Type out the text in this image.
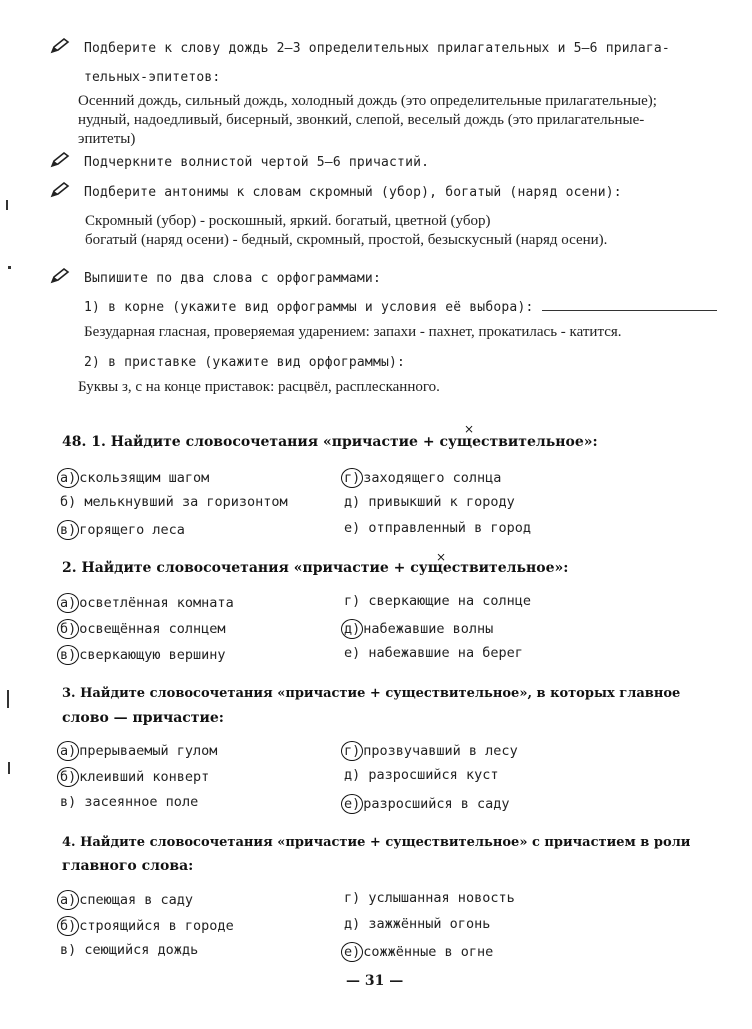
Подберите к слову дождь 2—3 определительных прилагательных и 5—6 прилага-
тельных-эпитетов:
Осенний дождь, сильный дождь, холодный дождь (это определительные прилагательные);
нудный, надоедливый, бисерный, звонкий, слепой, веселый дождь (это прилагательные-
эпитеты)
Подчеркните волнистой чертой 5—6 причастий.
Подберите антонимы к словам скромный (убор), богатый (наряд осени):
Скромный (убор) - роскошный, яркий. богатый, цветной (убор)
богатый (наряд осени) - бедный, скромный, простой, безыскусный (наряд осени).
Выпишите по два слова с орфограммами:
1) в корне (укажите вид орфограммы и условия её выбора):
Безударная гласная, проверяемая ударением: запахи - пахнет, прокатилась - катится.
2) в приставке (укажите вид орфограммы):
Буквы з, с на конце приставок: расцвёл, расплесканного.
×
48. 1. Найдите словосочетания «причастие + существительное»:
а) скользящим шагом
б) мелькнувший за горизонтом
в) горящего леса
г) заходящего солнца
д) привыкший к городу
е) отправленный в город
×
2. Найдите словосочетания «причастие + существительное»:
а) осветлённая комната
б) освещённая солнцем
в) сверкающую вершину
г) сверкающие на солнце
д) набежавшие волны
е) набежавшие на берег
3. Найдите словосочетания «причастие + существительное», в которых главное
слово — причастие:
а) прерываемый гулом
б) клеивший конверт
в) засеянное поле
г) прозвучавший в лесу
д) разросшийся куст
е) разросшийся в саду
4. Найдите словосочетания «причастие + существительное» с причастием в роли
главного слова:
а) спеющая в саду
б) строящийся в городе
в) сеющийся дождь
г) услышанная новость
д) зажжённый огонь
е) сожжённые в огне
— 31 —
